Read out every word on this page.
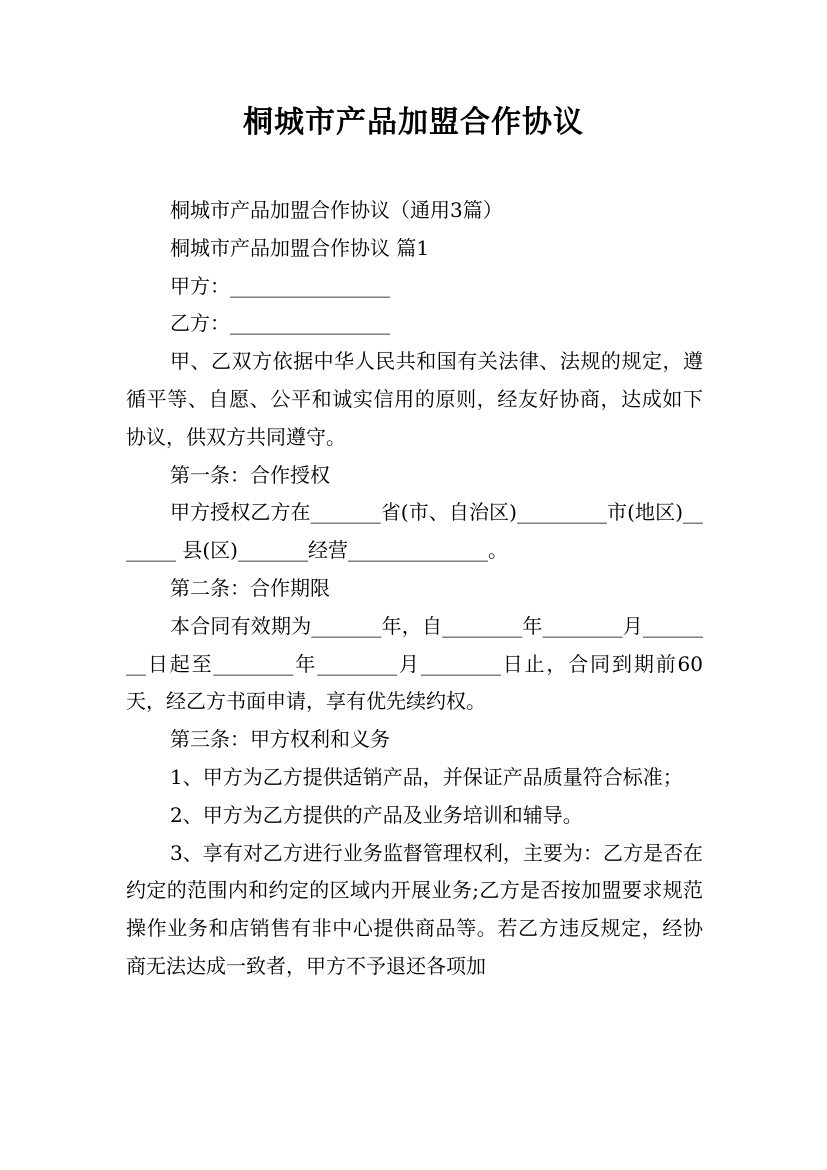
桐城市产品加盟合作协议

桐城市产品加盟合作协议（通用3篇）

桐城市产品加盟合作协议 篇1

甲方：________________

乙方：________________

甲、乙双方依据中华人民共和国有关法律、法规的规定，遵循平等、自愿、公平和诚实信用的原则，经友好协商，达成如下协议，供双方共同遵守。

第一条：合作授权

甲方授权乙方在_______省(市、自治区)_________市(地区)_______ 县(区)_______经营______________。

第二条：合作期限

本合同有效期为_______年，自________年________月________日起至________年________月________日止，合同到期前60天，经乙方书面申请，享有优先续约权。

第三条：甲方权利和义务

1、甲方为乙方提供适销产品，并保证产品质量符合标准；

2、甲方为乙方提供的产品及业务培训和辅导。

3、享有对乙方进行业务监督管理权利，主要为：乙方是否在约定的范围内和约定的区域内开展业务;乙方是否按加盟要求规范操作业务和店销售有非中心提供商品等。若乙方违反规定，经协商无法达成一致者，甲方不予退还各项加
